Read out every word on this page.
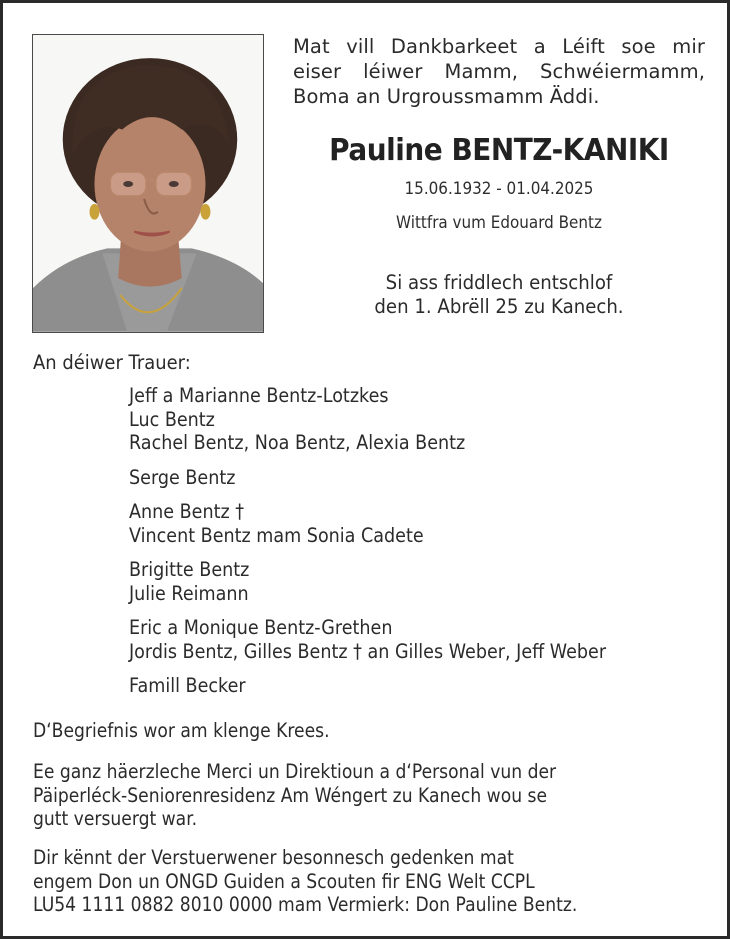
Mat vill Dankbarkeet a Léift soe mir
eiser léiwer Mamm, Schwéiermamm,
Boma an Urgroussmamm Äddi.
Pauline BENTZ-KANIKI
15.06.1932 - 01.04.2025
Wittfra vum Edouard Bentz
Si ass friddlech entschlof
den 1. Abrëll 25 zu Kanech.
An déiwer Trauer:
Jeff a Marianne Bentz-Lotzkes
Luc Bentz
Rachel Bentz, Noa Bentz, Alexia Bentz
Serge Bentz
Anne Bentz †
Vincent Bentz mam Sonia Cadete
Brigitte Bentz
Julie Reimann
Eric a Monique Bentz-Grethen
Jordis Bentz, Gilles Bentz † an Gilles Weber, Jeff Weber
Famill Becker
D‘Begriefnis wor am klenge Krees.
Ee ganz häerzleche Merci un Direktioun a d‘Personal vun der
Päiperléck-Seniorenresidenz Am Wéngert zu Kanech wou se
gutt versuergt war.
Dir kënnt der Verstuerwener besonnesch gedenken mat
engem Don un ONGD Guiden a Scouten fir ENG Welt CCPL
LU54 1111 0882 8010 0000 mam Vermierk: Don Pauline Bentz.
